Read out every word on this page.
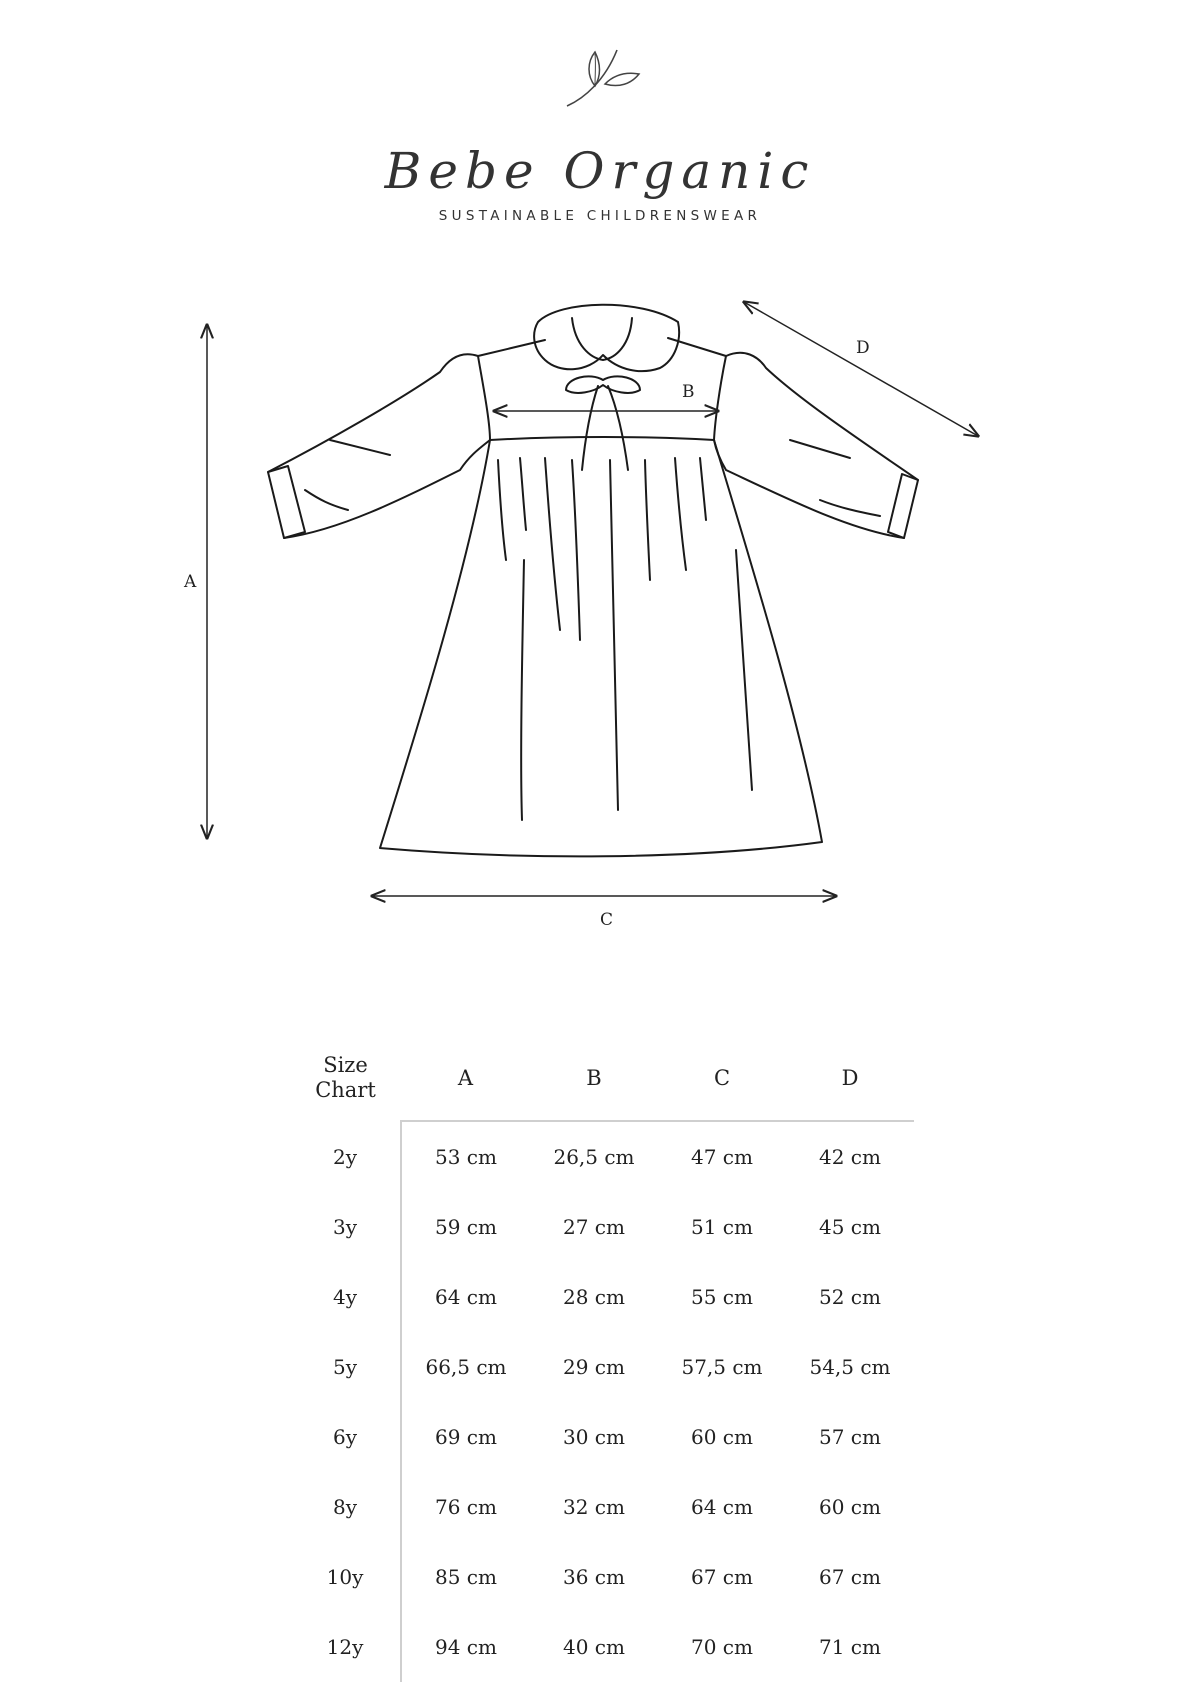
Bebe Organic
SUSTAINABLE CHILDRENSWEAR
A
B
C
D
Size
Chart	A	B	C	D
2y	53 cm	26,5 cm	47 cm	42 cm
3y	59 cm	27 cm	51 cm	45 cm
4y	64 cm	28 cm	55 cm	52 cm
5y	66,5 cm	29 cm	57,5 cm	54,5 cm
6y	69 cm	30 cm	60 cm	57 cm
8y	76 cm	32 cm	64 cm	60 cm
10y	85 cm	36 cm	67 cm	67 cm
12y	94 cm	40 cm	70 cm	71 cm
